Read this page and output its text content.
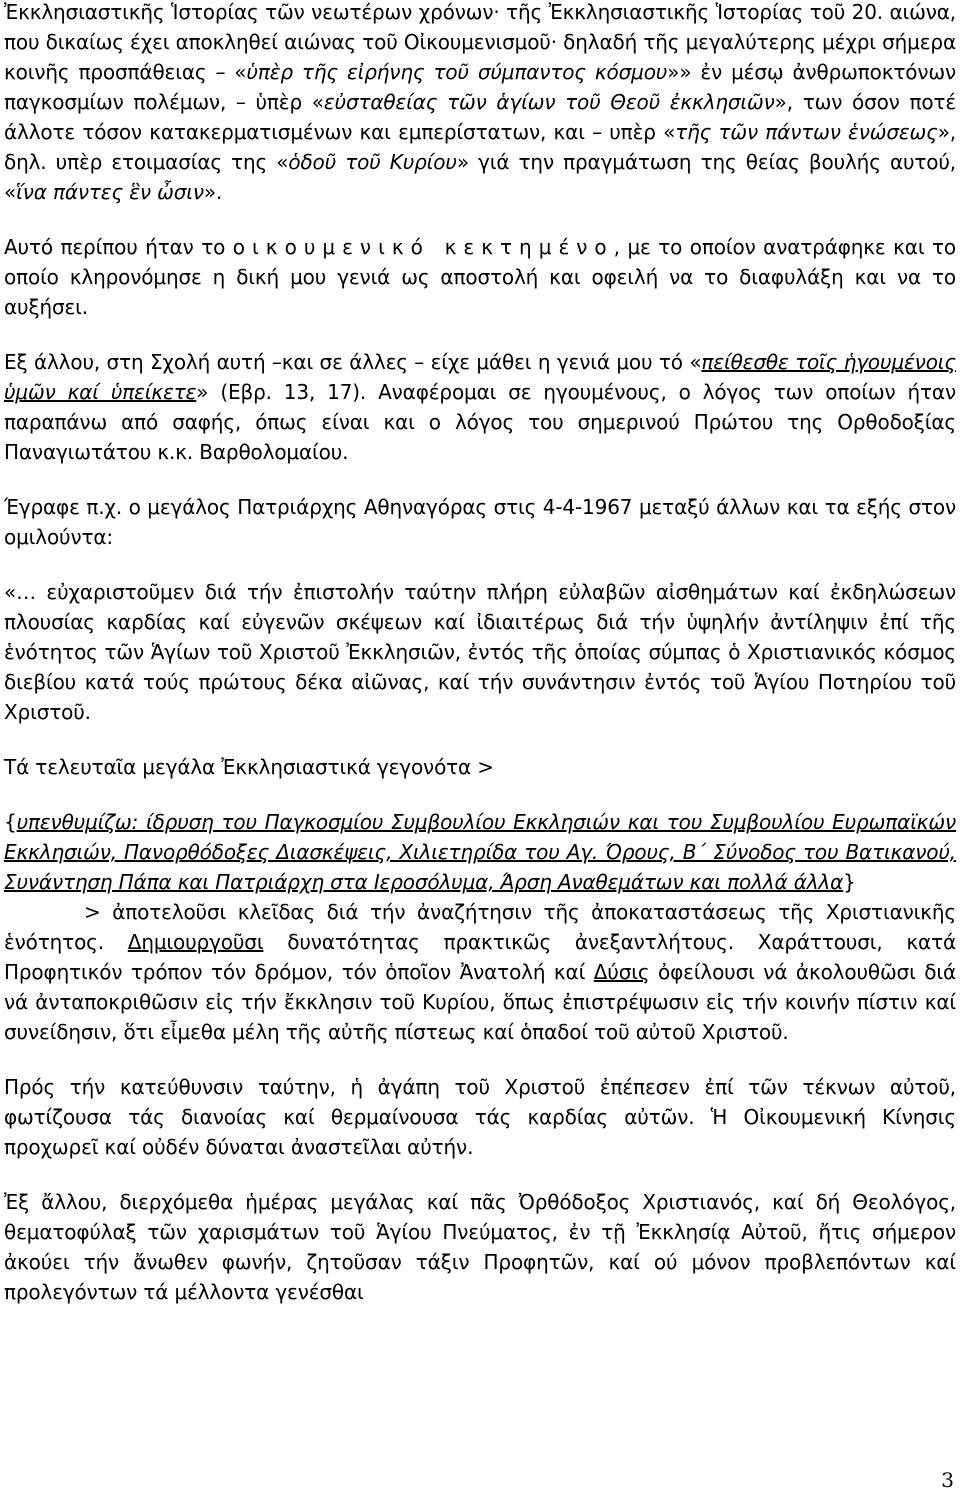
Ἐκκλησιαστικῆς Ἱστορίας τῶν νεωτέρων χρόνων· τῆς Ἐκκλησιαστικῆς Ἱστορίας τοῦ 20. αιώνα, που δικαίως έχει αποκληθεί αιώνας τοῦ Οἰκουμενισμοῦ· δηλαδή τῆς μεγαλύτερης μέχρι σήμερα κοινῆς προσπάθειας – «ὑπὲρ τῆς εἰρήνης τοῦ σύμπαντος κόσμου»» ἐν μέσῳ ἀνθρωποκτόνων παγκοσμίων πολέμων, – ὑπὲρ «εὐσταθείας τῶν ἁγίων τοῦ Θεοῦ ἐκκλησιῶν», των όσον ποτέ άλλοτε τόσον κατακερματισμένων και εμπερίστατων, και – υπὲρ «τῆς τῶν πάντων ἑνώσεως», δηλ. υπὲρ ετοιμασίας της «ὁδοῦ τοῦ Κυρίου» γιά την πραγμάτωση της θείας βουλής αυτού, «ἵνα πάντες ἓν ὦσιν».

Αυτό περίπου ήταν το οικουμενικό κεκτημένο, με το οποίον ανατράφηκε και το οποίο κληρονόμησε η δική μου γενιά ως αποστολή και οφειλή να το διαφυλάξη και να το αυξήσει.

Εξ άλλου, στη Σχολή αυτή –και σε άλλες – είχε μάθει η γενιά μου τό «πείθεσθε τοῖς ἡγουμένοις ὑμῶν καί ὑπείκετε» (Εβρ. 13, 17). Αναφέρομαι σε ηγουμένους, ο λόγος των οποίων ήταν παραπάνω από σαφής, όπως είναι και ο λόγος του σημερινού Πρώτου της Ορθοδοξίας Παναγιωτάτου κ.κ. Βαρθολομαίου.

Έγραφε π.χ. ο μεγάλος Πατριάρχης Αθηναγόρας στις 4-4-1967 μεταξύ άλλων και τα εξής στον ομιλούντα:

«… εὐχαριστοῦμεν διά τήν ἐπιστολήν ταύτην πλήρη εὐλαβῶν αἰσθημάτων καί ἐκδηλώσεων πλουσίας καρδίας καί εὐγενῶν σκέψεων καί ἰδιαιτέρως διά τήν ὑψηλήν ἀντίληψιν ἐπί τῆς ἑνότητος τῶν Ἁγίων τοῦ Χριστοῦ Ἐκκλησιῶν, ἐντός τῆς ὁποίας σύμπας ὁ Χριστιανικός κόσμος διεβίου κατά τούς πρώτους δέκα αἰῶνας, καί τήν συνάντησιν ἐντός τοῦ Ἁγίου Ποτηρίου τοῦ Χριστοῦ.

Τά τελευταῖα μεγάλα Ἐκκλησιαστικά γεγονότα >

{υπενθυμίζω: ίδρυση του Παγκοσμίου Συμβουλίου Εκκλησιών και του Συμβουλίου Ευρωπαϊκών Εκκλησιών, Πανορθόδοξες Διασκέψεις, Χιλιετηρίδα του Αγ. Όρους, Β΄ Σύνοδος του Βατικανού, Συνάντηση Πάπα και Πατριάρχη στα Ιεροσόλυμα, Άρση Αναθεμάτων και πολλά άλλα}

> ἀποτελοῦσι κλεῖδας διά τήν ἀναζήτησιν τῆς ἀποκαταστάσεως τῆς Χριστιανικῆς ἑνότητος. Δημιουργοῦσι δυνατότητας πρακτικῶς ἀνεξαντλήτους. Χαράττουσι, κατά Προφητικόν τρόπον τόν δρόμον, τόν ὁποῖον Ἀνατολή καί Δύσις ὀφείλουσι νά ἀκολουθῶσι διά νά ἀνταποκριθῶσιν εἰς τήν ἔκκλησιν τοῦ Κυρίου, ὅπως ἐπιστρέψωσιν εἰς τήν κοινήν πίστιν καί συνείδησιν, ὅτι εἶμεθα μέλη τῆς αὐτῆς πίστεως καί ὁπαδοί τοῦ αὐτοῦ Χριστοῦ.

Πρός τήν κατεύθυνσιν ταύτην, ἡ ἀγάπη τοῦ Χριστοῦ ἐπέπεσεν ἐπί τῶν τέκνων αὐτοῦ, φωτίζουσα τάς διανοίας καί θερμαίνουσα τάς καρδίας αὐτῶν. Ἡ Οἰκουμενική Κίνησις προχωρεῖ καί οὐδέν δύναται ἀναστεῖλαι αὐτήν.

Ἐξ ἄλλου, διερχόμεθα ἡμέρας μεγάλας καί πᾶς Ὀρθόδοξος Χριστιανός, καί δή Θεολόγος, θεματοφύλαξ τῶν χαρισμάτων τοῦ Ἁγίου Πνεύματος, ἐν τῇ Ἐκκλησίᾳ Αὐτοῦ, ἤτις σήμερον ἀκούει τήν ἄνωθεν φωνήν, ζητοῦσαν τάξιν Προφητῶν, καί ού μόνον προβλεπόντων καί προλεγόντων τά μέλλοντα γενέσθαι

3
